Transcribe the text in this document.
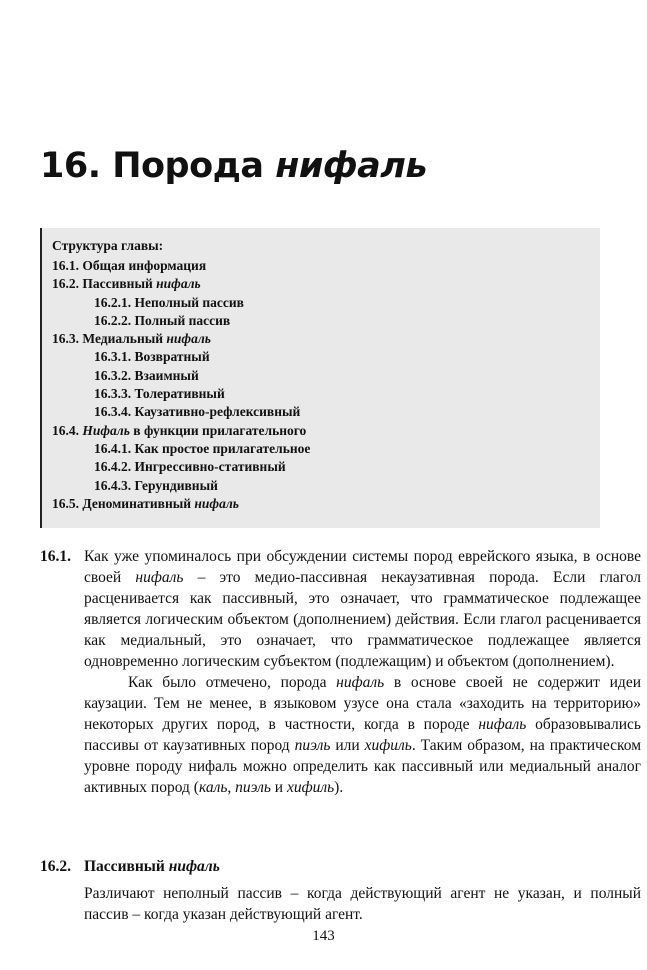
16. Порода нифаль
Структура главы:
16.1. Общая информация
16.2. Пассивный нифаль
16.2.1. Неполный пассив
16.2.2. Полный пассив
16.3. Медиальный нифаль
16.3.1. Возвратный
16.3.2. Взаимный
16.3.3. Толеративный
16.3.4. Каузативно-рефлексивный
16.4. Нифаль в функции прилагательного
16.4.1. Как простое прилагательное
16.4.2. Ингрессивно-стативный
16.4.3. Герундивный
16.5. Деноминативный нифаль
16.1. Как уже упоминалось при обсуждении системы пород еврейского языка, в основе своей нифаль – это медио-пассивная некаузативная порода. Если глагол расценивается как пассивный, это означает, что грамматическое подлежащее является логическим объектом (дополнением) действия. Если глагол расценивается как медиальный, это означает, что грамматическое подлежащее является одновременно логическим субъектом (подлежащим) и объектом (дополнением).
Как было отмечено, порода нифаль в основе своей не содержит идеи каузации. Тем не менее, в языковом узусе она стала «заходить на территорию» некоторых других пород, в частности, когда в породе нифаль образовывались пассивы от каузативных пород пиэль или хифиль. Таким образом, на практическом уровне породу нифаль можно определить как пассивный или медиальный аналог активных пород (каль, пиэль и хифиль).
16.2. Пассивный нифаль
Различают неполный пассив – когда действующий агент не указан, и полный пассив – когда указан действующий агент.
143
